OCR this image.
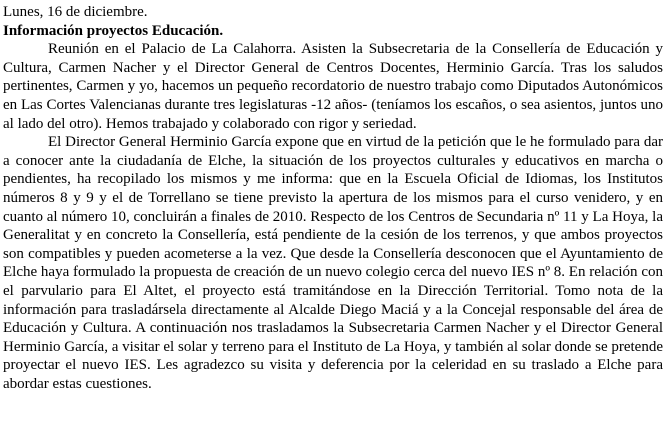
Lunes, 16 de diciembre.

Información proyectos Educación.

Reunión en el Palacio de La Calahorra. Asisten la Subsecretaria de la Consellería de Educación y Cultura, Carmen Nacher y el Director General de Centros Docentes, Herminio García. Tras los saludos pertinentes, Carmen y yo, hacemos un pequeño recordatorio de nuestro trabajo como Diputados Autonómicos en Las Cortes Valencianas durante tres legislaturas -12 años- (teníamos los escaños, o sea asientos, juntos uno al lado del otro). Hemos trabajado y colaborado con rigor y seriedad.

El Director General Herminio García expone que en virtud de la petición que le he formulado para dar a conocer ante la ciudadanía de Elche, la situación de los proyectos culturales y educativos en marcha o pendientes, ha recopilado los mismos y me informa: que en la Escuela Oficial de Idiomas, los Institutos números 8 y 9 y el de Torrellano se tiene previsto la apertura de los mismos para el curso venidero, y en cuanto al número 10, concluirán a finales de 2010. Respecto de los Centros de Secundaria nº 11 y La Hoya, la Generalitat y en concreto la Consellería, está pendiente de la cesión de los terrenos, y que ambos proyectos son compatibles y pueden acometerse a la vez. Que desde la Consellería desconocen que el Ayuntamiento de Elche haya formulado la propuesta de creación de un nuevo colegio cerca del nuevo IES nº 8. En relación con el parvulario para El Altet, el proyecto está tramitándose en la Dirección Territorial. Tomo nota de la información para trasladársela directamente al Alcalde Diego Maciá y a la Concejal responsable del área de Educación y Cultura. A continuación nos trasladamos la Subsecretaria Carmen Nacher y el Director General Herminio García, a visitar el solar y terreno para el Instituto de La Hoya, y también al solar donde se pretende proyectar el nuevo IES. Les agradezco su visita y deferencia por la celeridad en su traslado a Elche para abordar estas cuestiones.
